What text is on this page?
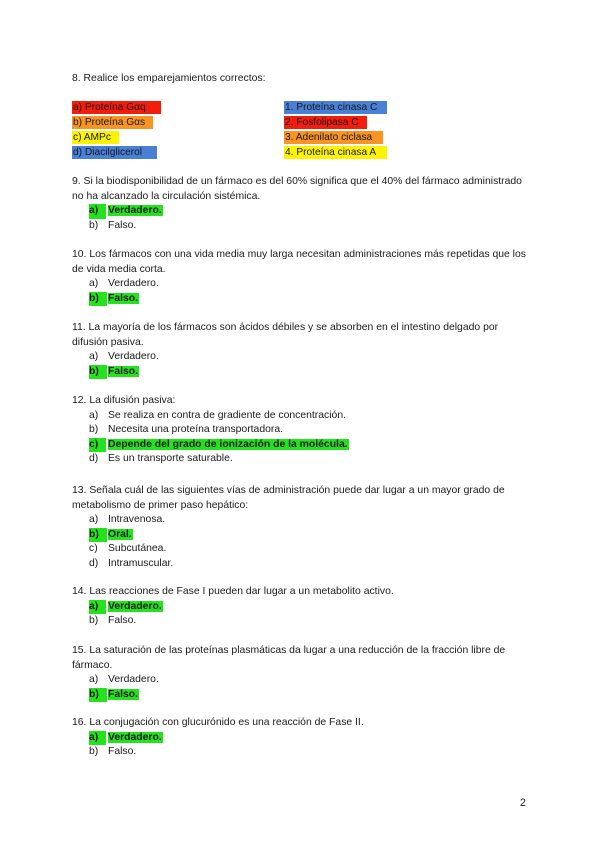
8. Realice los emparejamientos correctos:

a) Proteína Gαq
b) Proteína Gαs
c) AMPc
d) Diacilglicerol
1. Proteína cinasa C
2. Fosfolipasa C
3. Adenilato ciclasa
4. Proteína cinasa A

9. Si la biodisponibilidad de un fármaco es del 60% significa que el 40% del fármaco administrado no ha alcanzado la circulación sistémica.

a) Verdadero.
b) Falso.

10. Los fármacos con una vida media muy larga necesitan administraciones más repetidas que los de vida media corta.

a) Verdadero.
b) Falso.

11. La mayoría de los fármacos son ácidos débiles y se absorben en el intestino delgado por difusión pasiva.

a) Verdadero.
b) Falso.

12. La difusión pasiva:

a) Se realiza en contra de gradiente de concentración.
b) Necesita una proteína transportadora.
c) Depende del grado de ionización de la molécula.
d) Es un transporte saturable.

13. Señala cuál de las siguientes vías de administración puede dar lugar a un mayor grado de metabolismo de primer paso hepático:

a) Intravenosa.
b) Oral.
c) Subcutánea.
d) Intramuscular.

14. Las reacciones de Fase I pueden dar lugar a un metabolito activo.

a) Verdadero.
b) Falso.

15. La saturación de las proteínas plasmáticas da lugar a una reducción de la fracción libre de fármaco.

a) Verdadero.
b) Falso.

16. La conjugación con glucurónido es una reacción de Fase II.

a) Verdadero.
b) Falso.
2
